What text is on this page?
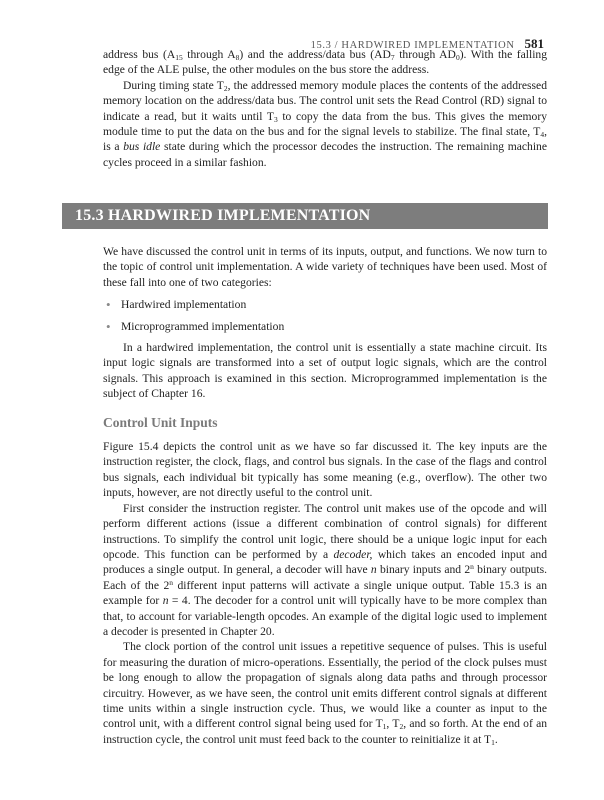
15.3 / HARDWIRED IMPLEMENTATION 581

address bus ($A_{15}$ through $A_8$) and the address/data bus ($AD_7$ through $AD_0$). With the falling edge of the ALE pulse, the other modules on the bus store the address.

During timing state $T_2$, the addressed memory module places the contents of the addressed memory location on the address/data bus. The control unit sets the Read Control (RD) signal to indicate a read, but it waits until $T_3$ to copy the data from the bus. This gives the memory module time to put the data on the bus and for the signal levels to stabilize. The final state, $T_4$, is a bus idle state during which the processor decodes the instruction. The remaining machine cycles proceed in a similar fashion.

15.3 HARDWIRED IMPLEMENTATION

We have discussed the control unit in terms of its inputs, output, and functions. We now turn to the topic of control unit implementation. A wide variety of techniques have been used. Most of these fall into one of two categories:

• Hardwired implementation
• Microprogrammed implementation

In a hardwired implementation, the control unit is essentially a state machine circuit. Its input logic signals are transformed into a set of output logic signals, which are the control signals. This approach is examined in this section. Microprogrammed implementation is the subject of Chapter 16.

Control Unit Inputs

Figure 15.4 depicts the control unit as we have so far discussed it. The key inputs are the instruction register, the clock, flags, and control bus signals. In the case of the flags and control bus signals, each individual bit typically has some meaning (e.g., overflow). The other two inputs, however, are not directly useful to the control unit.

First consider the instruction register. The control unit makes use of the opcode and will perform different actions (issue a different combination of control signals) for different instructions. To simplify the control unit logic, there should be a unique logic input for each opcode. This function can be performed by a decoder, which takes an encoded input and produces a single output. In general, a decoder will have n binary inputs and 2$^n$ binary outputs. Each of the 2$^n$ different input patterns will activate a single unique output. Table 15.3 is an example for n = 4. The decoder for a control unit will typically have to be more complex than that, to account for variable-length opcodes. An example of the digital logic used to implement a decoder is presented in Chapter 20.

The clock portion of the control unit issues a repetitive sequence of pulses. This is useful for measuring the duration of micro-operations. Essentially, the period of the clock pulses must be long enough to allow the propagation of signals along data paths and through processor circuitry. However, as we have seen, the control unit emits different control signals at different time units within a single instruction cycle. Thus, we would like a counter as input to the control unit, with a different control signal being used for $T_1$, $T_2$, and so forth. At the end of an instruction cycle, the control unit must feed back to the counter to reinitialize it at $T_1$.
